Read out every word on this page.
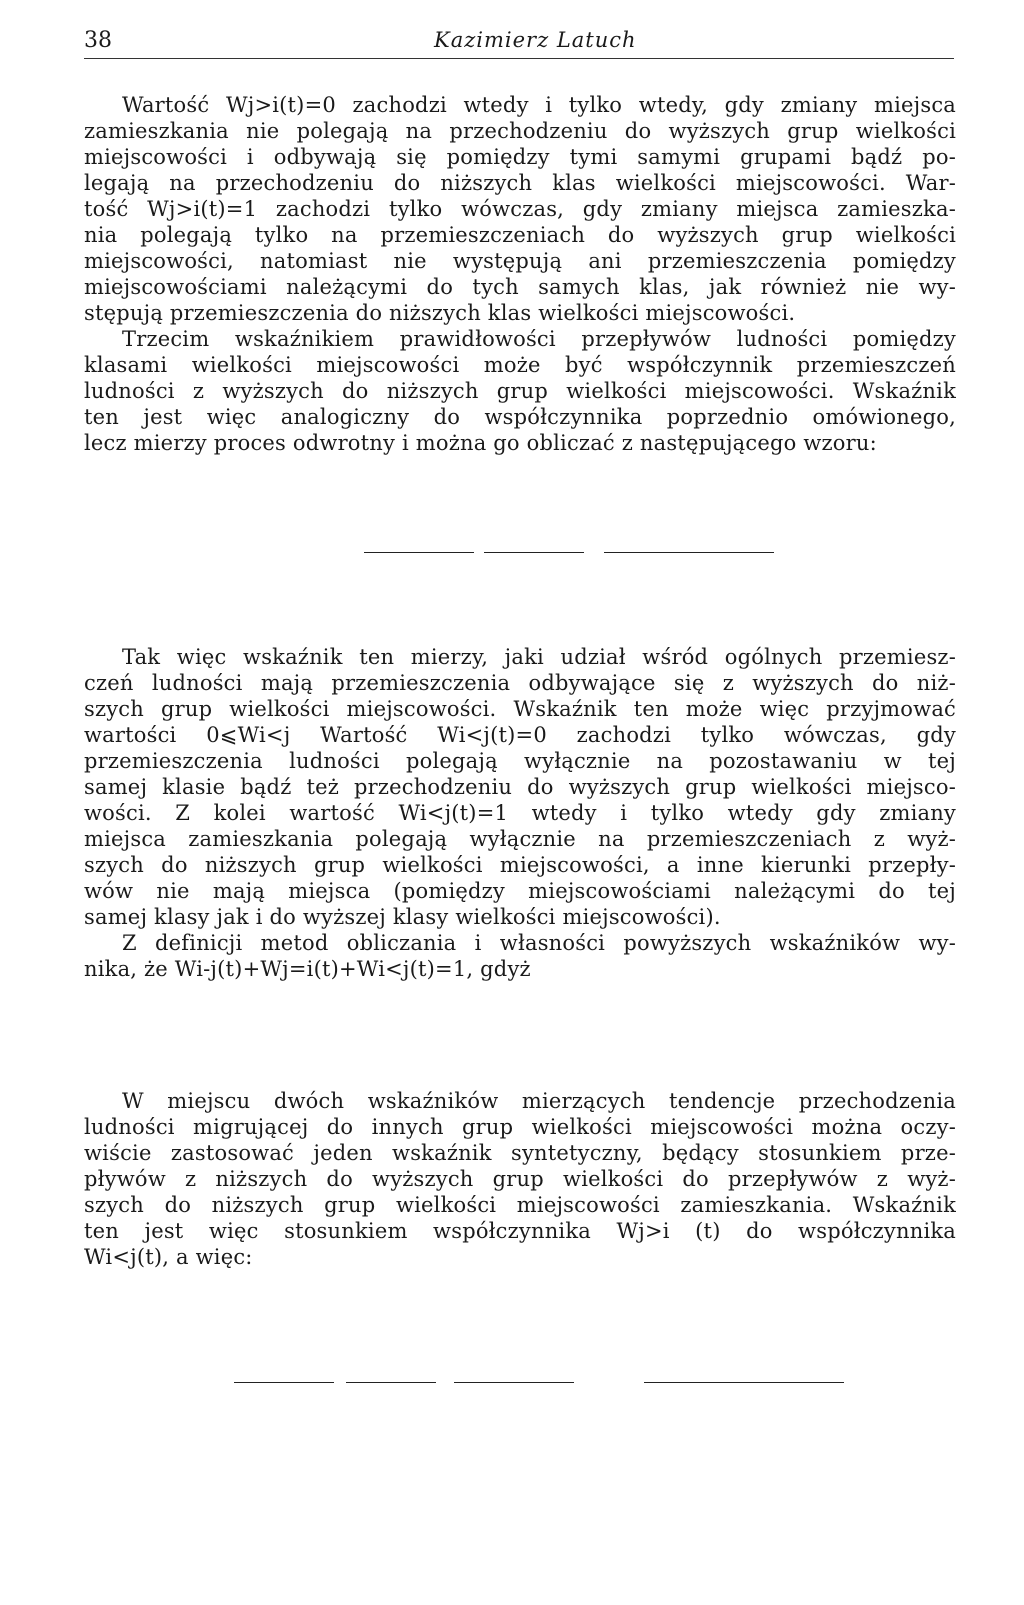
38	Kazimierz Latuch
Wartość Wj>i(t)=0 zachodzi wtedy i tylko wtedy, gdy zmiany miejsca
zamieszkania nie polegają na przechodzeniu do wyższych grup wielkości
miejscowości i odbywają się pomiędzy tymi samymi grupami bądź po-
legają na przechodzeniu do niższych klas wielkości miejscowości. War-
tość Wj>i(t)=1 zachodzi tylko wówczas, gdy zmiany miejsca zamieszka-
nia polegają tylko na przemieszczeniach do wyższych grup wielkości
miejscowości, natomiast nie występują ani przemieszczenia pomiędzy
miejscowościami należącymi do tych samych klas, jak również nie wy-
stępują przemieszczenia do niższych klas wielkości miejscowości.
Trzecim wskaźnikiem prawidłowości przepływów ludności pomiędzy
klasami wielkości miejscowości może być współczynnik przemieszczeń
ludności z wyższych do niższych grup wielkości miejscowości. Wskaźnik
ten jest więc analogiczny do współczynnika poprzednio omówionego,
lecz mierzy proces odwrotny i można go obliczać z następującego wzoru:
Tak więc wskaźnik ten mierzy, jaki udział wśród ogólnych przemiesz-
czeń ludności mają przemieszczenia odbywające się z wyższych do niż-
szych grup wielkości miejscowości. Wskaźnik ten może więc przyjmować
wartości 0⩽Wi<j Wartość Wi<j(t)=0 zachodzi tylko wówczas, gdy
przemieszczenia ludności polegają wyłącznie na pozostawaniu w tej
samej klasie bądź też przechodzeniu do wyższych grup wielkości miejsco-
wości. Z kolei wartość Wi<j(t)=1 wtedy i tylko wtedy gdy zmiany
miejsca zamieszkania polegają wyłącznie na przemieszczeniach z wyż-
szych do niższych grup wielkości miejscowości, a inne kierunki przepły-
wów nie mają miejsca (pomiędzy miejscowościami należącymi do tej
samej klasy jak i do wyższej klasy wielkości miejscowości).
Z definicji metod obliczania i własności powyższych wskaźników wy-
nika, że Wi-j(t)+Wj=i(t)+Wi<j(t)=1, gdyż
W miejscu dwóch wskaźników mierzących tendencje przechodzenia
ludności migrującej do innych grup wielkości miejscowości można oczy-
wiście zastosować jeden wskaźnik syntetyczny, będący stosunkiem prze-
pływów z niższych do wyższych grup wielkości do przepływów z wyż-
szych do niższych grup wielkości miejscowości zamieszkania. Wskaźnik
ten jest więc stosunkiem współczynnika Wj>i (t) do współczynnika
Wi<j(t), a więc:
